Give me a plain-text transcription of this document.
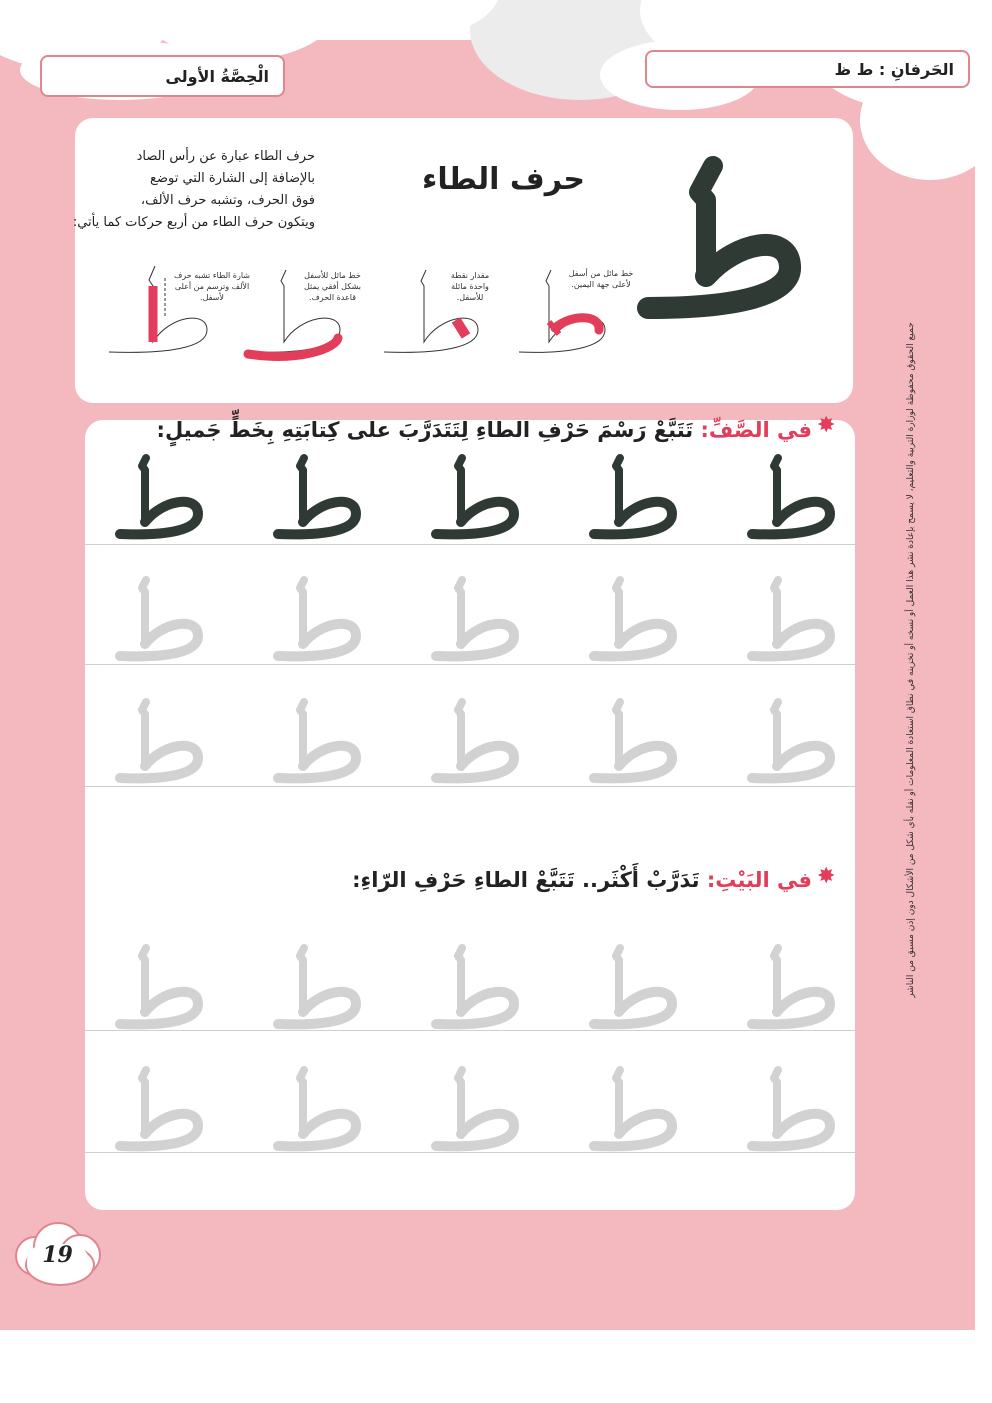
الْحِصَّةُ الأولى	الحَرفانِ : ط ظ
حرف الطاء
حرف الطاء عبارة عن رأس الصاد
بالإضافة إلى الشارة التي توضع
فوق الحرف، وتشبه حرف الألف،
ويتكون حرف الطاء من أربع حركات كما يأتي:
خط مائل من أسفل لأعلى جهة اليمين.
مقدار نقطة واحدة مائلة للأسفل.
خط مائل للأسفل بشكل أفقي يمثل قاعدة الحرف.
شارة الطاء تشبه حرف الألف وترسم من أعلى لأسفل.
✸
في الصَّفِّ: تَتَبَّعْ رَسْمَ حَرْفِ الطاءِ لِتَتَدَرَّبَ على كِتابَتِهِ بِخَطٍّ جَميلٍ:
✸
في البَيْتِ: تَدَرَّبْ أَكْثَر.. تَتَبَّعْ الطاءِ حَرْفِ الرّاءِ:	جميع الحقوق محفوظة لوزارة التربية والتعليم، لا يسمح بإعادة نشر هذا العمل أو نسخه أو تخزينه في نطاق استعادة المعلومات أو نقله بأي شكل من الأشكال دون إذن مسبق من الناشر
19
